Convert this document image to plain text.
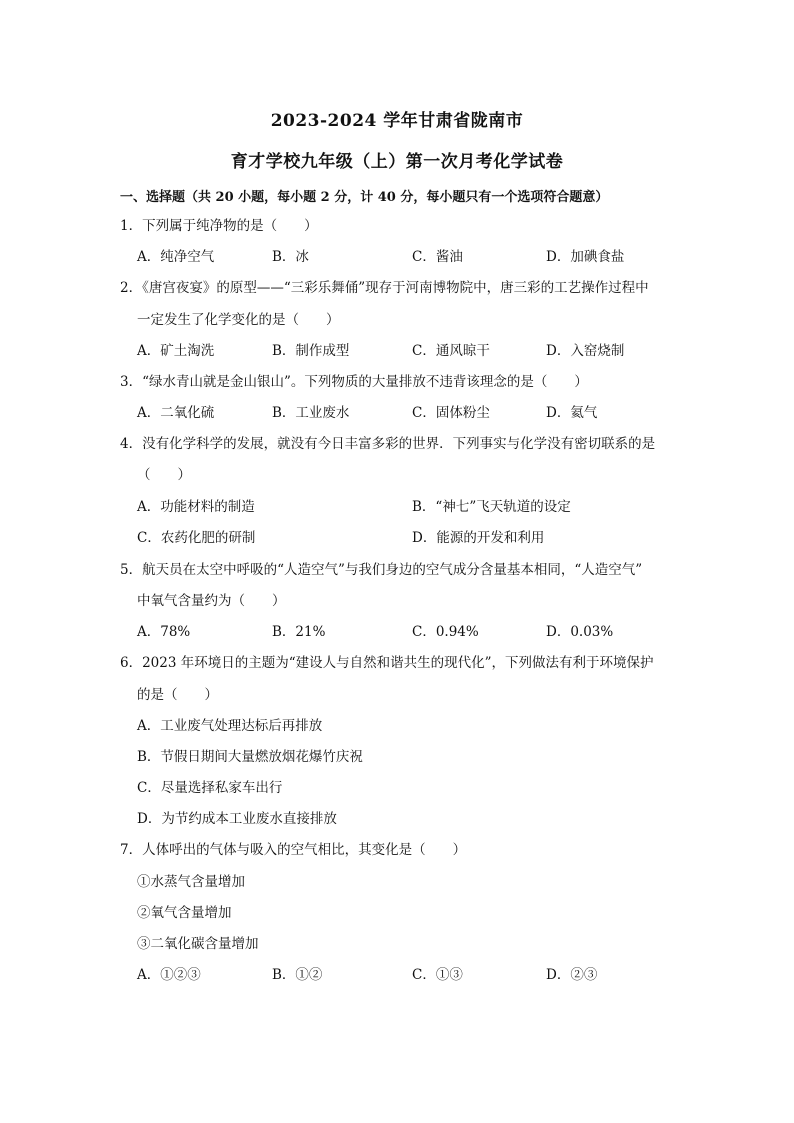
2023-2024 学年甘肃省陇南市
育才学校九年级（上）第一次月考化学试卷
一、选择题（共 20 小题，每小题 2 分，计 40 分，每小题只有一个选项符合题意）
1．下列属于纯净物的是（　　）
A．纯净空气	B．冰	C．酱油	D．加碘食盐
2．《唐宫夜宴》的原型——“三彩乐舞俑”现存于河南博物院中，唐三彩的工艺操作过程中
一定发生了化学变化的是（　　）
A．矿土淘洗	B．制作成型	C．通风晾干	D．入窑烧制
3．“绿水青山就是金山银山”。下列物质的大量排放不违背该理念的是（　　）
A．二氧化硫	B．工业废水	C．固体粉尘	D．氦气
4．没有化学科学的发展，就没有今日丰富多彩的世界．下列事实与化学没有密切联系的是
（　　）
A．功能材料的制造	B．“神七”飞天轨道的设定
C．农药化肥的研制	D．能源的开发和利用
5．航天员在太空中呼吸的“人造空气”与我们身边的空气成分含量基本相同，“人造空气”
中氧气含量约为（　　）
A．78%	B．21%	C．0.94%	D．0.03%
6．2023 年环境日的主题为“建设人与自然和谐共生的现代化”，下列做法有利于环境保护
的是（　　）
A．工业废气处理达标后再排放
B．节假日期间大量燃放烟花爆竹庆祝
C．尽量选择私家车出行
D．为节约成本工业废水直接排放
7．人体呼出的气体与吸入的空气相比，其变化是（　　）
①水蒸气含量增加
②氧气含量增加
③二氧化碳含量增加
A．①②③	B．①②	C．①③	D．②③
